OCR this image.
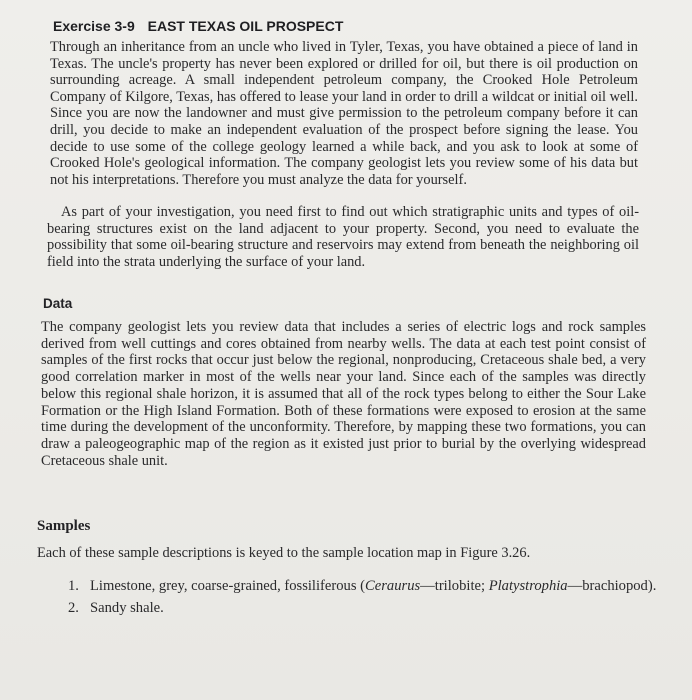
Exercise 3-9 EAST TEXAS OIL PROSPECT

Through an inheritance from an uncle who lived in Tyler, Texas, you have obtained a piece of land in Texas. The uncle's property has never been explored or drilled for oil, but there is oil production on surrounding acreage. A small independent petroleum company, the Crooked Hole Petroleum Company of Kilgore, Texas, has offered to lease your land in order to drill a wildcat or initial oil well. Since you are now the landowner and must give permission to the petroleum company before it can drill, you decide to make an independent evaluation of the prospect before signing the lease. You decide to use some of the college geology learned a while back, and you ask to look at some of Crooked Hole's geological information. The company geologist lets you review some of his data but not his interpretations. Therefore you must analyze the data for yourself.

As part of your investigation, you need first to find out which stratigraphic units and types of oil-bearing structures exist on the land adjacent to your property. Second, you need to evaluate the possibility that some oil-bearing structure and reservoirs may extend from beneath the neighboring oil field into the strata underlying the surface of your land.

Data

The company geologist lets you review data that includes a series of electric logs and rock samples derived from well cuttings and cores obtained from nearby wells. The data at each test point consist of samples of the first rocks that occur just below the regional, nonproducing, Cretaceous shale bed, a very good correlation marker in most of the wells near your land. Since each of the samples was directly below this regional shale horizon, it is assumed that all of the rock types belong to either the Sour Lake Formation or the High Island Formation. Both of these formations were exposed to erosion at the same time during the development of the unconformity. Therefore, by mapping these two formations, you can draw a paleogeographic map of the region as it existed just prior to burial by the overlying widespread Cretaceous shale unit.

Samples

Each of these sample descriptions is keyed to the sample location map in Figure 3.26.

1. Limestone, grey, coarse-grained, fossiliferous (Ceraurus—trilobite; Platystrophia—brachiopod).
2. Sandy shale.
